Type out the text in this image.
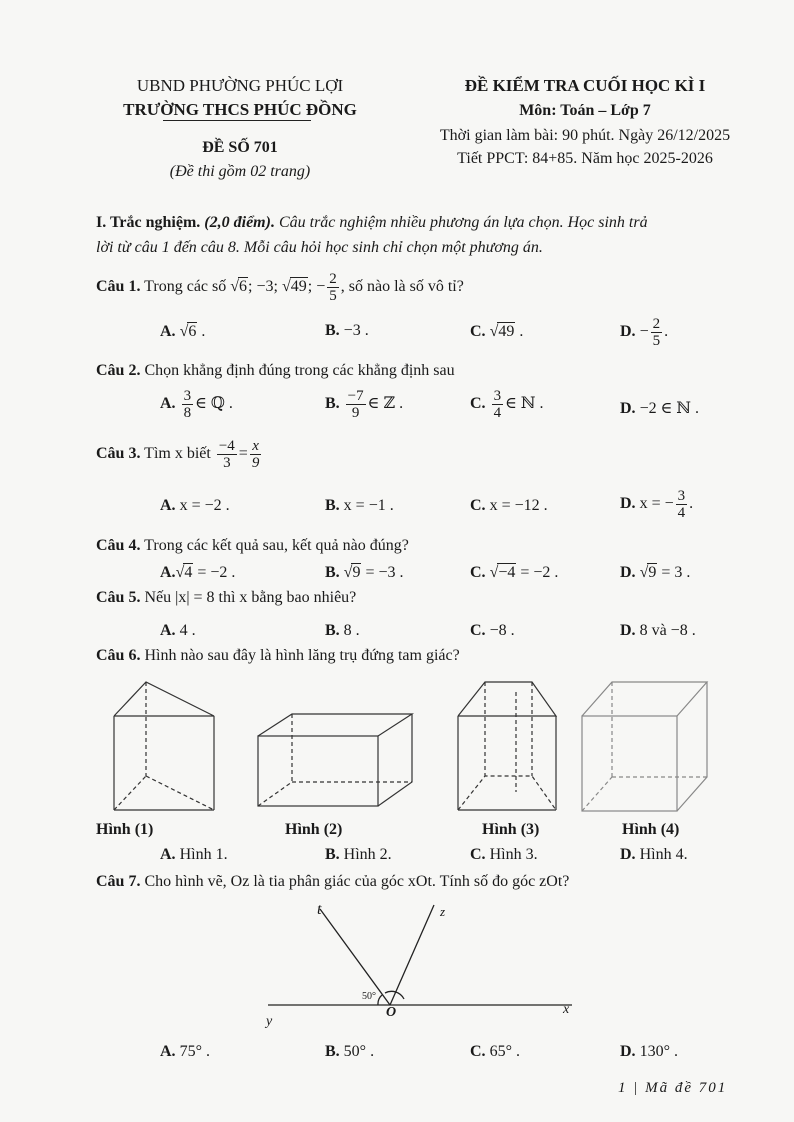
UBND PHƯỜNG PHÚC LỢI
TRƯỜNG THCS PHÚC ĐỒNG
ĐỀ SỐ 701
(Đề thi gồm 02 trang)
ĐỀ KIỂM TRA CUỐI HỌC KÌ I
Môn: Toán – Lớp 7
Thời gian làm bài: 90 phút. Ngày 26/12/2025
Tiết PPCT: 84+85. Năm học 2025-2026
I. Trắc nghiệm. (2,0 điểm). Câu trắc nghiệm nhiều phương án lựa chọn. Học sinh trả
lời từ câu 1 đến câu 8. Mỗi câu hỏi học sinh chỉ chọn một phương án.
Câu 1. Trong các số √6; −3; √49; − $\frac{2}{5}$ , số nào là số vô tỉ?
A. √6 .	B. −3 .	C. √49 .	D. − $\frac{2}{5}$ .
Câu 2. Chọn khẳng định đúng trong các khẳng định sau
A. $\frac{3}{8}$ ∈ ℚ .	B. $\frac{-7}{9}$ ∈ ℤ .	C. $\frac{3}{4}$ ∈ ℕ .	D. −2 ∈ ℕ .
Câu 3. Tìm x biết $\frac{-4}{3} = \frac{x}{9}$
A. x = −2 .	B. x = −1 .	C. x = −12 .	D. x = − $\frac{3}{4}$ .
Câu 4. Trong các kết quả sau, kết quả nào đúng?
A.√4 = −2 .	B. √9 = −3 .	C. √−4 = −2 .	D. √9 = 3 .
Câu 5. Nếu |x| = 8 thì x bằng bao nhiêu?
A. 4 .	B. 8 .	C. −8 .	D. 8 và −8 .
Câu 6. Hình nào sau đây là hình lăng trụ đứng tam giác?
Hình (1)	Hình (2)	Hình (3)	Hình (4)
A. Hình 1.	B. Hình 2.	C. Hình 3.	D. Hình 4.
Câu 7. Cho hình vẽ, Oz là tia phân giác của góc xOt. Tính số đo góc zOt?
t	z
y
x
O
50°
A. 75° .	B. 50° .	C. 65° .	D. 130° .
1 | Mã đề 701
